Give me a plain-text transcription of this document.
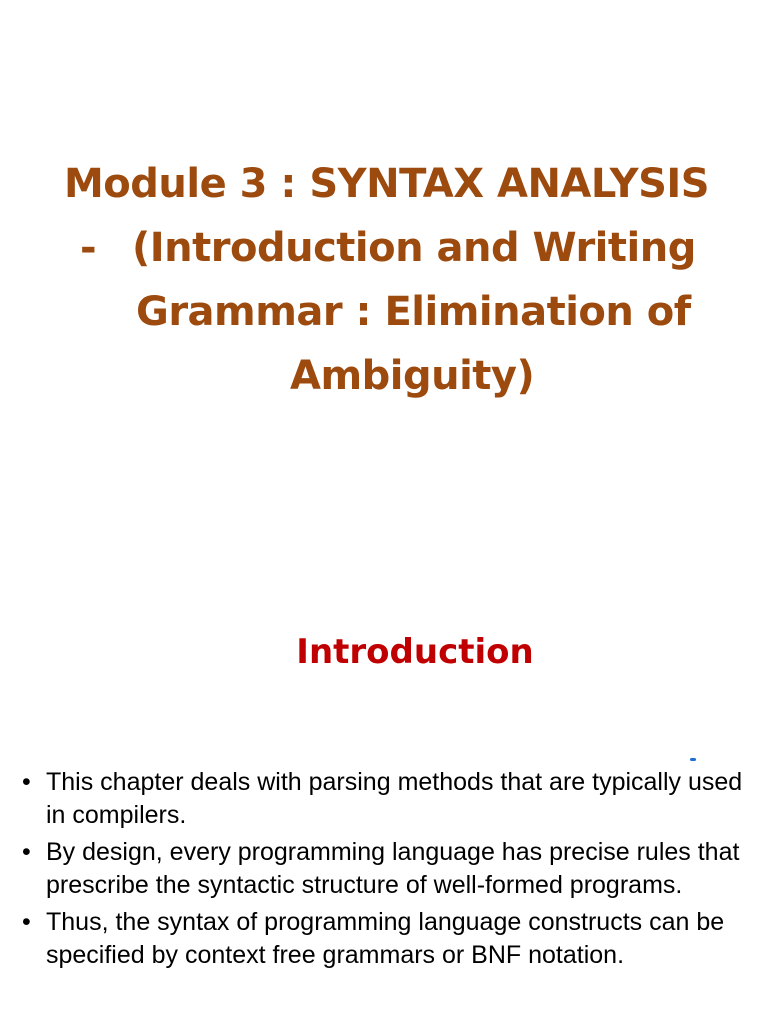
Module 3 : SYNTAX ANALYSIS
- (Introduction and Writing
Grammar : Elimination of
Ambiguity)
Introduction
• This chapter deals with parsing methods that are typically used in compilers.
• By design, every programming language has precise rules that prescribe the syntactic structure of well-formed programs.
• Thus, the syntax of programming language constructs can be specified by context free grammars or BNF notation.
